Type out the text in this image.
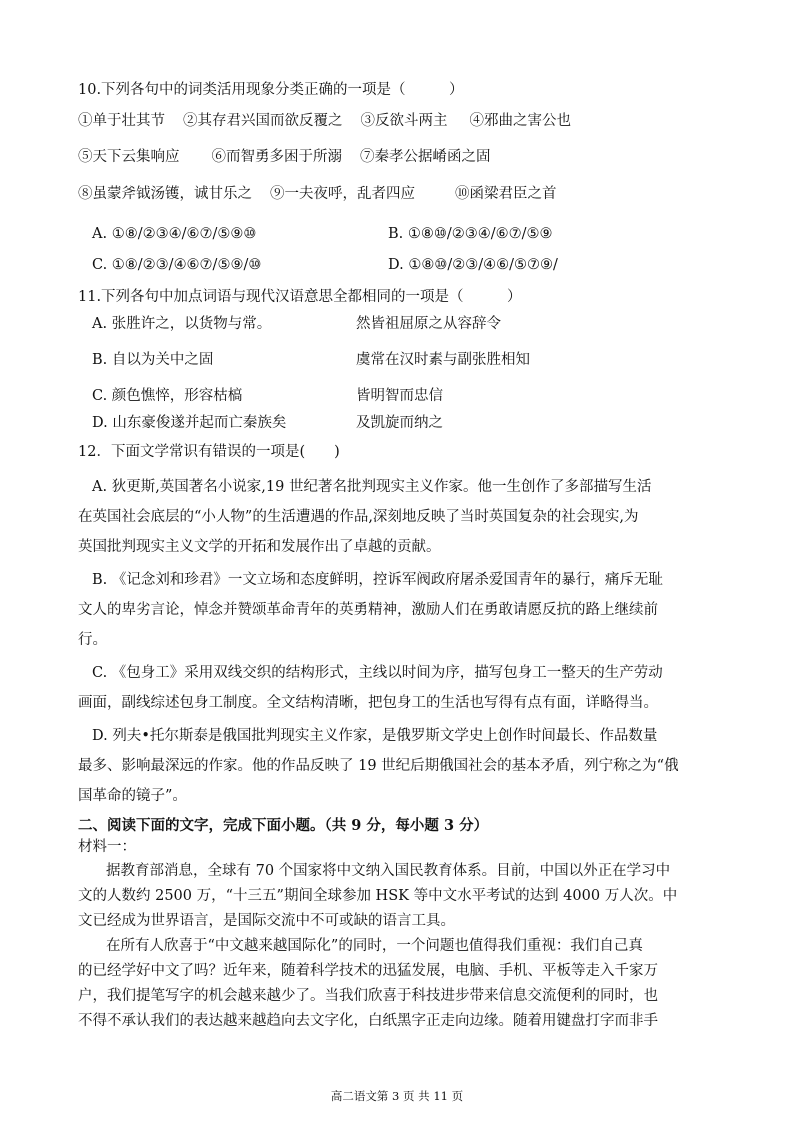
10.下列各句中的词类活用现象分类正确的一项是（　　　）
①单于壮其节 ②其存君兴国而欲反覆之 ③反欲斗两主 ④邪曲之害公也
⑤天下云集响应 ⑥而智勇多困于所溺 ⑦秦孝公据崤函之固
⑧虽蒙斧钺汤镬，诚甘乐之 ⑨一夫夜呼，乱者四应	⑩函梁君臣之首
A. ①⑧/②③④/⑥⑦/⑤⑨⑩	B. ①⑧⑩/②③④/⑥⑦/⑤⑨
C. ①⑧/②③/④⑥⑦/⑤⑨/⑩	D. ①⑧⑩/②③/④⑥/⑤⑦⑨/
11.下列各句中加点词语与现代汉语意思全都相同的一项是（　　　）
A. 张胜许之，以货物与常。	然皆祖屈原之从容辞令
B. 自以为关中之固	虞常在汉时素与副张胜相知
C. 颜色憔悴，形容枯槁	皆明智而忠信
D. 山东豪俊遂并起而亡秦族矣	及凯旋而纳之
12．下面文学常识有错误的一项是(　　)
A. 狄更斯,英国著名小说家,19 世纪著名批判现实主义作家。他一生创作了多部描写生活
在英国社会底层的“小人物”的生活遭遇的作品,深刻地反映了当时英国复杂的社会现实,为
英国批判现实主义文学的开拓和发展作出了卓越的贡献。
B. 《记念刘和珍君》一文立场和态度鲜明，控诉军阀政府屠杀爱国青年的暴行，痛斥无耻
文人的卑劣言论，悼念并赞颂革命青年的英勇精神，激励人们在勇敢请愿反抗的路上继续前
行。
C. 《包身工》采用双线交织的结构形式，主线以时间为序，描写包身工一整天的生产劳动
画面，副线综述包身工制度。全文结构清晰，把包身工的生活也写得有点有面，详略得当。
D. 列夫•托尔斯泰是俄国批判现实主义作家，是俄罗斯文学史上创作时间最长、作品数量
最多、影响最深远的作家。他的作品反映了 19 世纪后期俄国社会的基本矛盾，列宁称之为“俄
国革命的镜子”。
二、阅读下面的文字，完成下面小题。（共 9 分，每小题 3 分）
材料一：
据教育部消息，全球有 70 个国家将中文纳入国民教育体系。目前，中国以外正在学习中
文的人数约 2500 万，“十三五”期间全球参加 HSK 等中文水平考试的达到 4000 万人次。中
文已经成为世界语言，是国际交流中不可或缺的语言工具。
在所有人欣喜于“中文越来越国际化”的同时，一个问题也值得我们重视：我们自己真
的已经学好中文了吗？近年来，随着科学技术的迅猛发展，电脑、手机、平板等走入千家万
户，我们提笔写字的机会越来越少了。当我们欣喜于科技进步带来信息交流便利的同时，也
不得不承认我们的表达越来越趋向去文字化，白纸黑字正走向边缘。随着用键盘打字而非手
高二语文第 3 页 共 11 页
